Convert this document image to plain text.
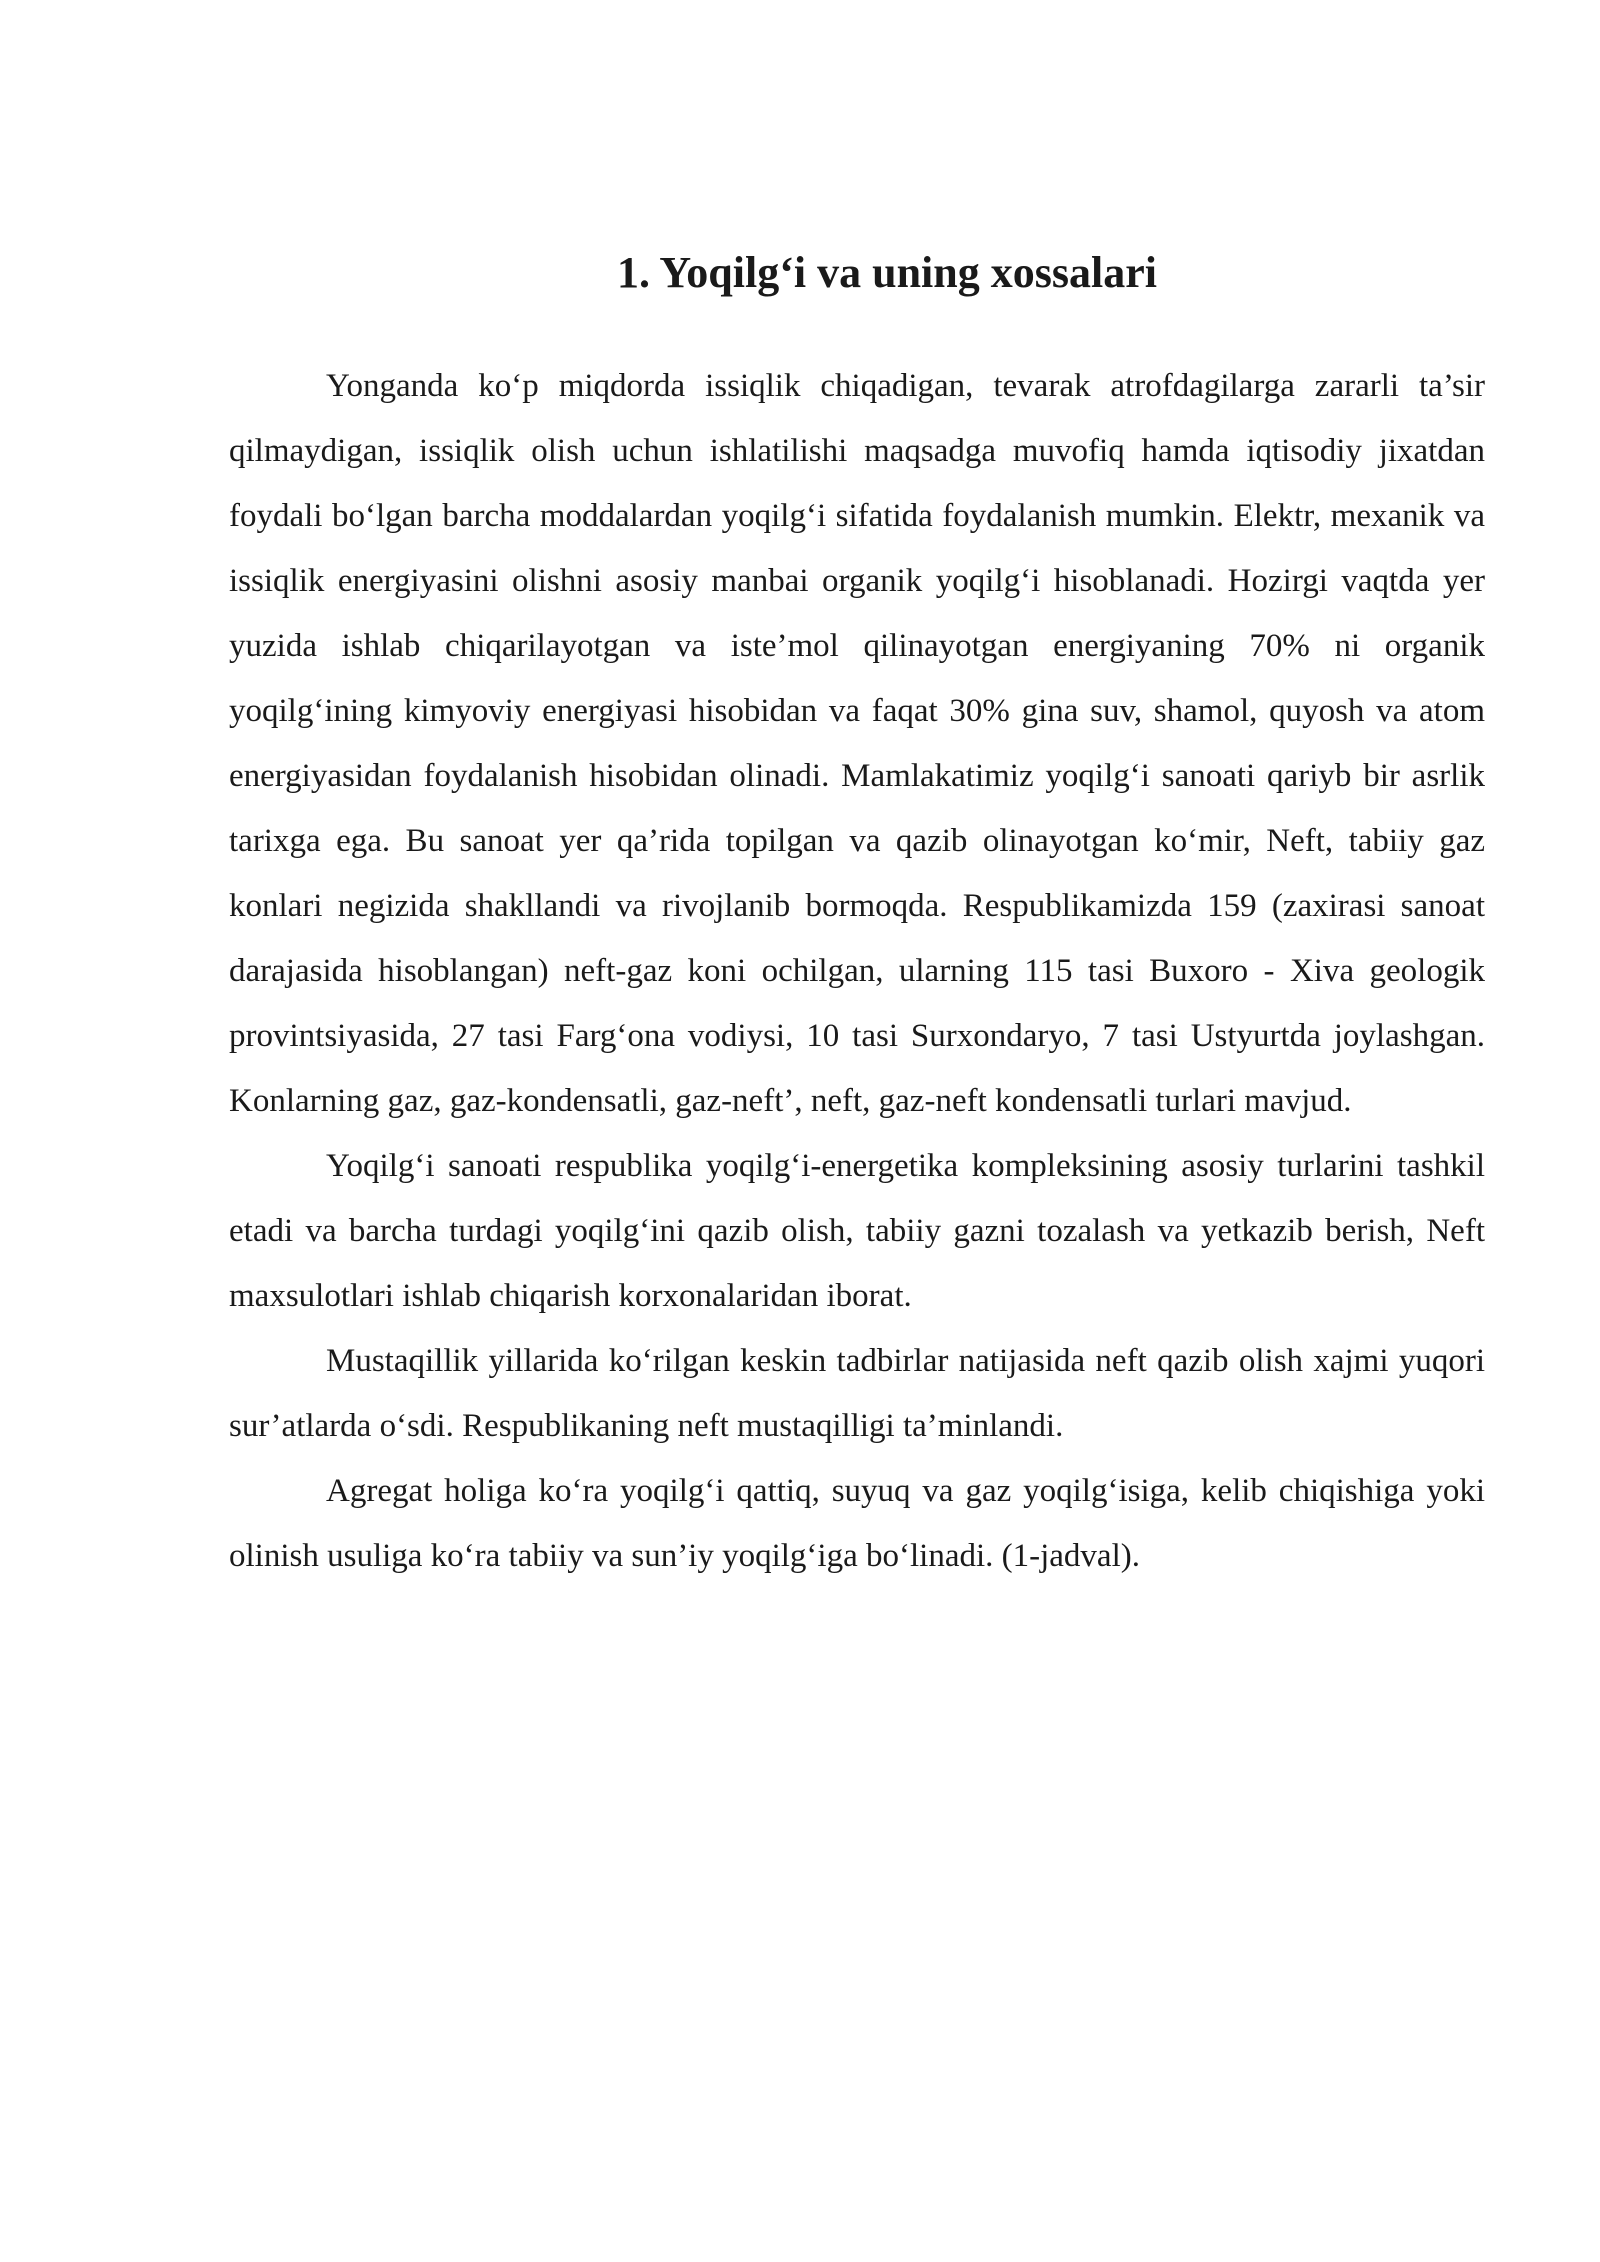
1. Yoqilg‘i va uning xossalari

Yonganda ko‘p miqdorda issiqlik chiqadigan, tevarak atrofdagilarga zararli ta’sir qilmaydigan, issiqlik olish uchun ishlatilishi maqsadga muvofiq hamda iqtisodiy jixatdan foydali bo‘lgan barcha moddalardan yoqilg‘i sifatida foydalanish mumkin. Elektr, mexanik va issiqlik energiyasini olishni asosiy manbai organik yoqilg‘i hisoblanadi. Hozirgi vaqtda yer yuzida ishlab chiqarilayotgan va iste’mol qilinayotgan energiyaning 70% ni organik yoqilg‘ining kimyoviy energiyasi hisobidan va faqat 30% gina suv, shamol, quyosh va atom energiyasidan foydalanish hisobidan olinadi. Mamlakatimiz yoqilg‘i sanoati qariyb bir asrlik tarixga ega. Bu sanoat yer qa’rida topilgan va qazib olinayotgan ko‘mir, Neft, tabiiy gaz konlari negizida shakllandi va rivojlanib bormoqda. Respublikamizda 159 (zaxirasi sanoat darajasida hisoblangan) neft-gaz koni ochilgan, ularning 115 tasi Buxoro - Xiva geologik provintsiyasida, 27 tasi Farg‘ona vodiysi, 10 tasi Surxondaryo, 7 tasi Ustyurtda joylashgan. Konlarning gaz, gaz-kondensatli, gaz-neft’, neft, gaz-neft kondensatli turlari mavjud.

Yoqilg‘i sanoati respublika yoqilg‘i-energetika kompleksining asosiy turlarini tashkil etadi va barcha turdagi yoqilg‘ini qazib olish, tabiiy gazni tozalash va yetkazib berish, Neft maxsulotlari ishlab chiqarish korxonalaridan iborat.

Mustaqillik yillarida ko‘rilgan keskin tadbirlar natijasida neft qazib olish xajmi yuqori sur’atlarda o‘sdi. Respublikaning neft mustaqilligi ta’minlandi.

Agregat holiga ko‘ra yoqilg‘i qattiq, suyuq va gaz yoqilg‘isiga, kelib chiqishiga yoki olinish usuliga ko‘ra tabiiy va sun’iy yoqilg‘iga bo‘linadi. (1-jadval).
